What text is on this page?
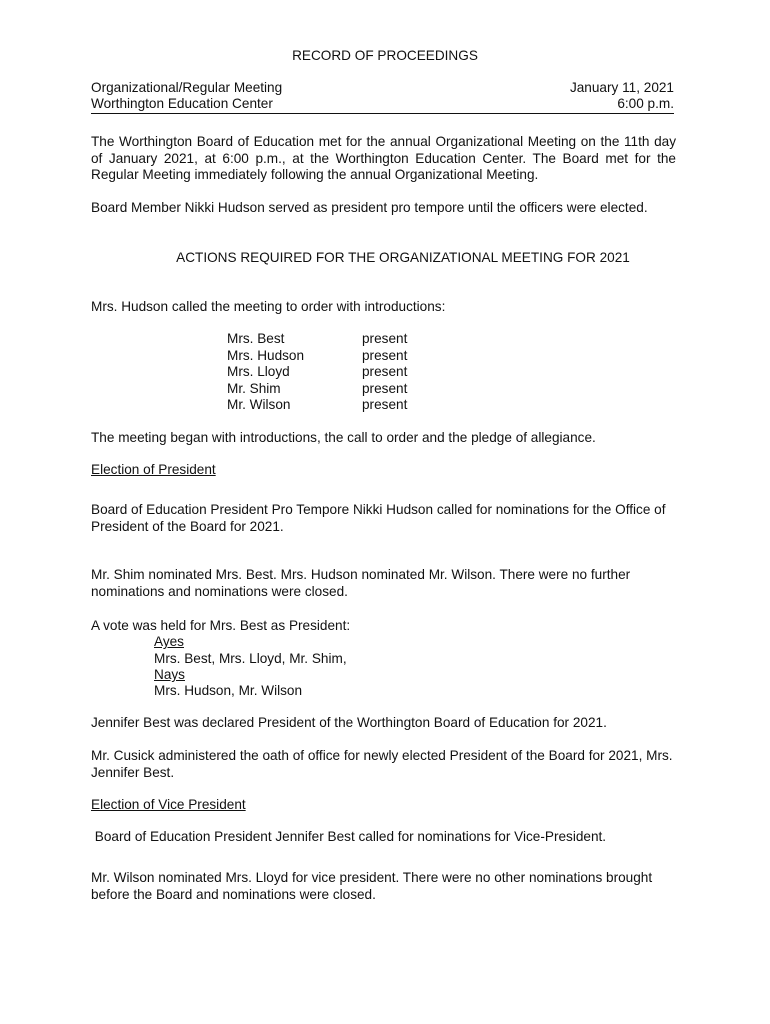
RECORD OF PROCEEDINGS
Organizational/Regular Meeting	January 11, 2021
Worthington Education Center	6:00 p.m.
The Worthington Board of Education met for the annual Organizational Meeting on the 11th day of January 2021, at 6:00 p.m., at the Worthington Education Center. The Board met for the Regular Meeting immediately following the annual Organizational Meeting.
Board Member Nikki Hudson served as president pro tempore until the officers were elected.
ACTIONS REQUIRED FOR THE ORGANIZATIONAL MEETING FOR 2021
Mrs. Hudson called the meeting to order with introductions:
Mrs. Best	present
Mrs. Hudson	present
Mrs. Lloyd	present
Mr. Shim	present
Mr. Wilson	present
The meeting began with introductions, the call to order and the pledge of allegiance.
Election of President
Board of Education President Pro Tempore Nikki Hudson called for nominations for the Office of President of the Board for 2021.
Mr. Shim nominated Mrs. Best. Mrs. Hudson nominated Mr. Wilson. There were no further nominations and nominations were closed.
A vote was held for Mrs. Best as President:
Ayes
Mrs. Best, Mrs. Lloyd, Mr. Shim,
Nays
Mrs. Hudson, Mr. Wilson
Jennifer Best was declared President of the Worthington Board of Education for 2021.
Mr. Cusick administered the oath of office for newly elected President of the Board for 2021, Mrs. Jennifer Best.
Election of Vice President
Board of Education President Jennifer Best called for nominations for Vice-President.
Mr. Wilson nominated Mrs. Lloyd for vice president. There were no other nominations brought before the Board and nominations were closed.
